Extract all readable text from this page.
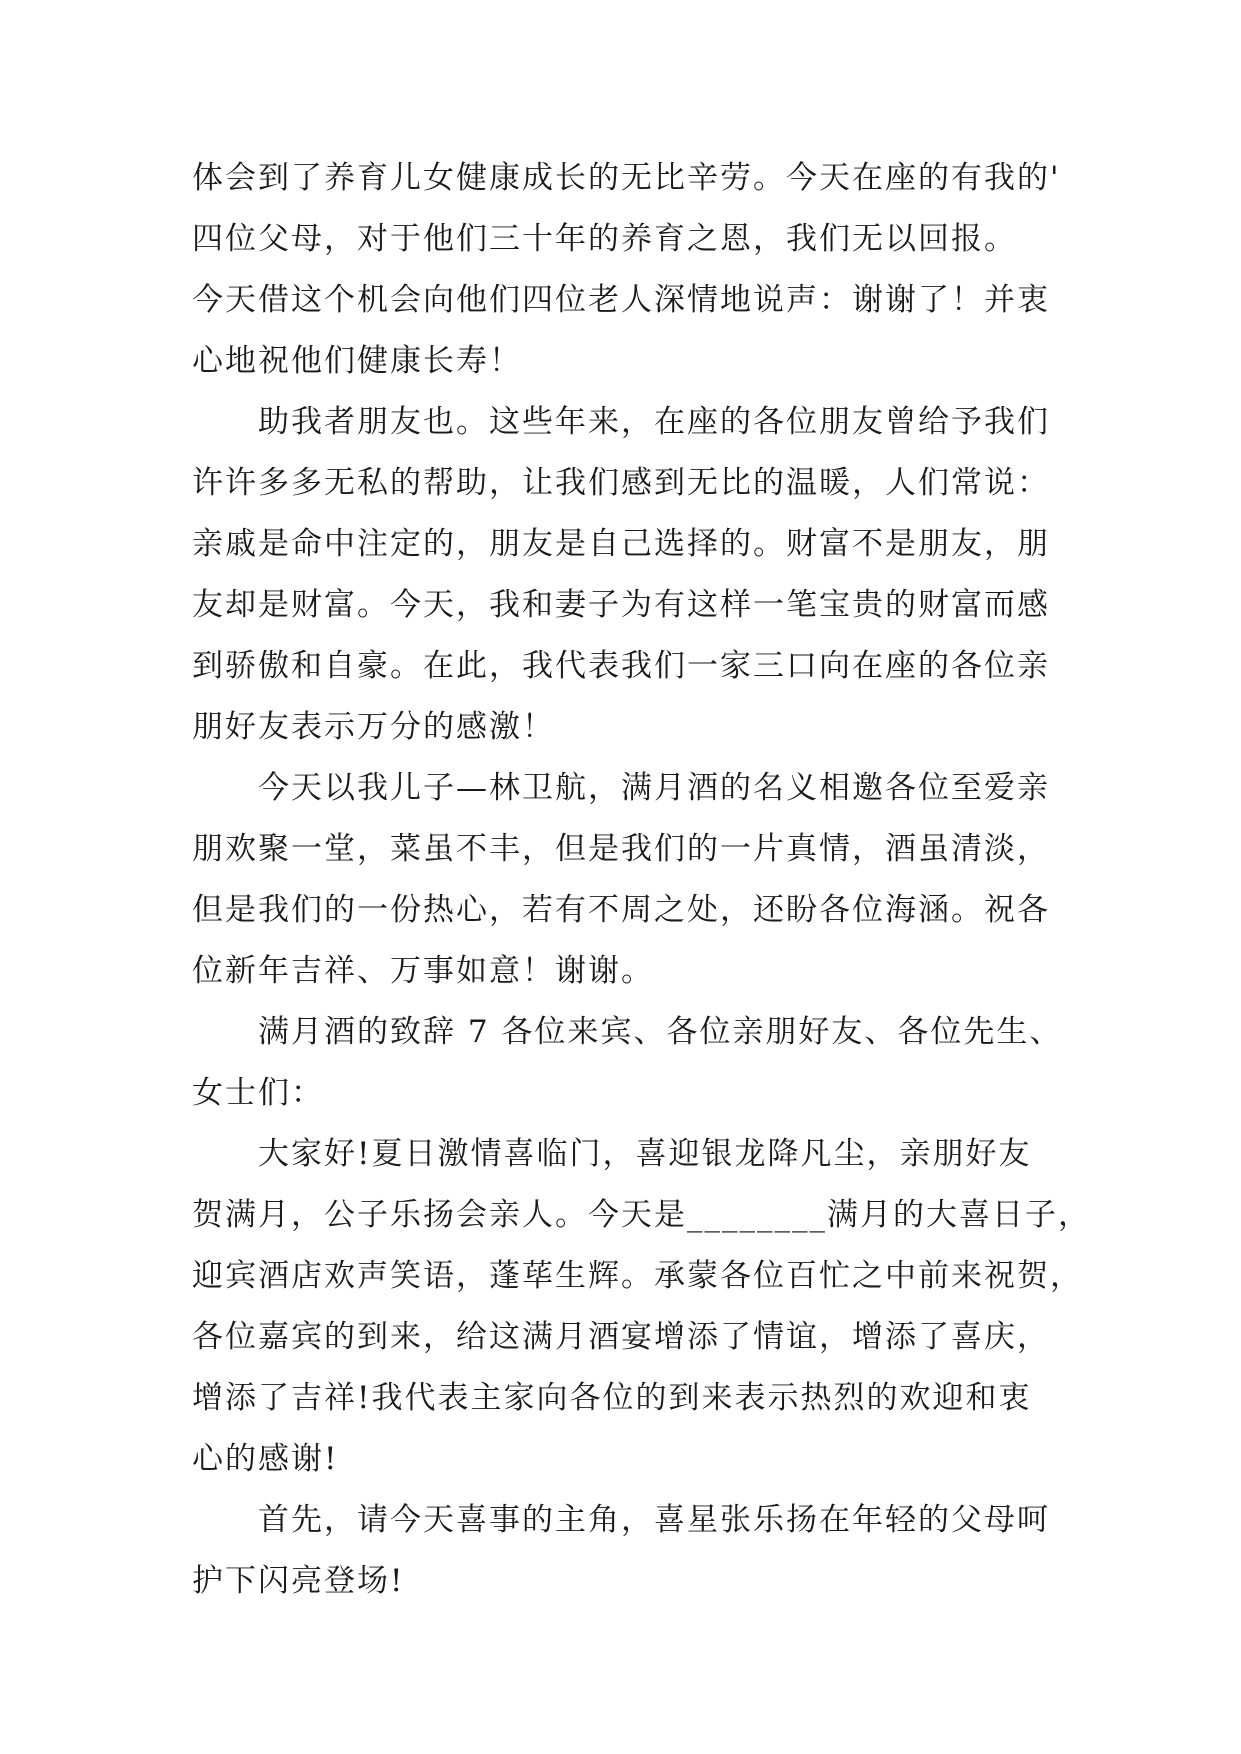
体会到了养育儿女健康成长的无比辛劳。今天在座的有我的'
四位父母，对于他们三十年的养育之恩，我们无以回报。
今天借这个机会向他们四位老人深情地说声：谢谢了！并衷
心地祝他们健康长寿！

助我者朋友也。这些年来，在座的各位朋友曾给予我们
许许多多无私的帮助，让我们感到无比的温暖，人们常说：
亲戚是命中注定的，朋友是自己选择的。财富不是朋友，朋
友却是财富。今天，我和妻子为有这样一笔宝贵的财富而感
到骄傲和自豪。在此，我代表我们一家三口向在座的各位亲
朋好友表示万分的感激！

今天以我儿子—林卫航，满月酒的名义相邀各位至爱亲
朋欢聚一堂，菜虽不丰，但是我们的一片真情，酒虽清淡，
但是我们的一份热心，若有不周之处，还盼各位海涵。祝各
位新年吉祥、万事如意！谢谢。

满月酒的致辞 7 各位来宾、各位亲朋好友、各位先生、
女士们：

大家好!夏日激情喜临门，喜迎银龙降凡尘，亲朋好友
贺满月，公子乐扬会亲人。今天是________满月的大喜日子，
迎宾酒店欢声笑语，蓬荜生辉。承蒙各位百忙之中前来祝贺，
各位嘉宾的到来，给这满月酒宴增添了情谊，增添了喜庆，
增添了吉祥!我代表主家向各位的到来表示热烈的欢迎和衷
心的感谢!

首先，请今天喜事的主角，喜星张乐扬在年轻的父母呵
护下闪亮登场!
